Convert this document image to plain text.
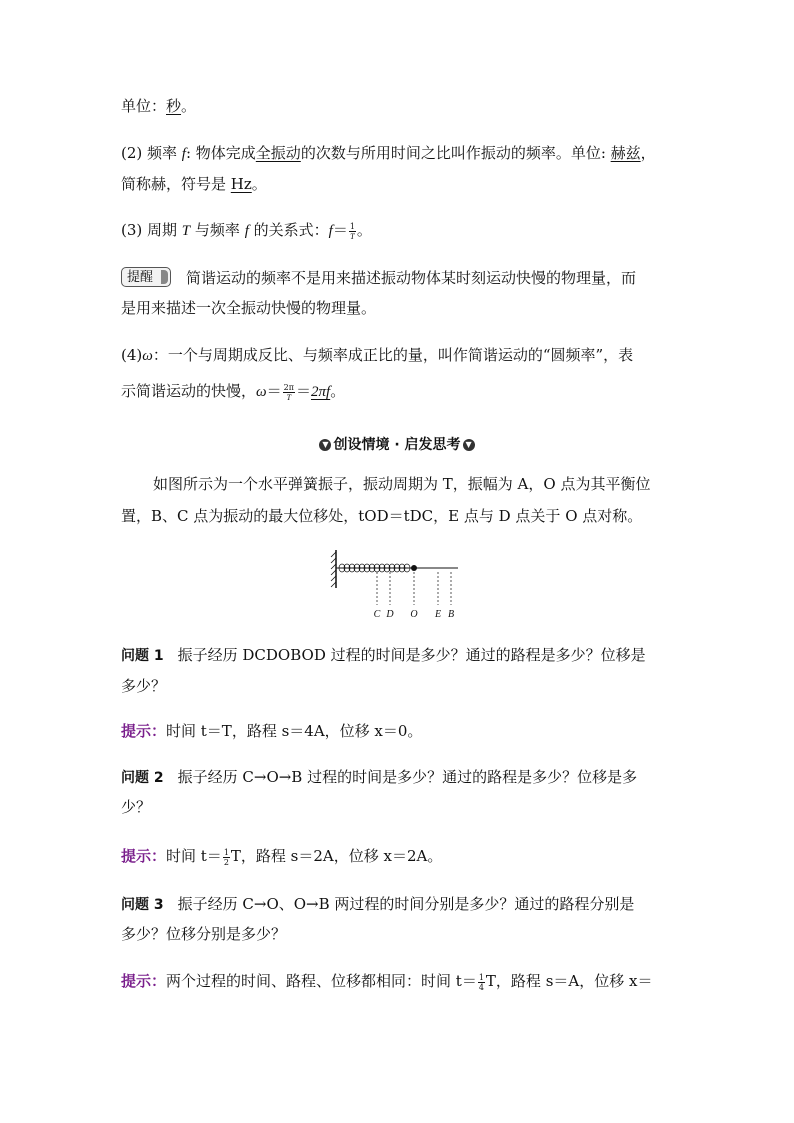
单位：秒。
(2) 频率 f: 物体完成全振动的次数与所用时间之比叫作振动的频率。单位: 赫兹，
简称赫，符号是 Hz。
(3) 周期 T 与频率 f 的关系式：$f= \frac{1}{T}$ 。
提醒	简谐运动的频率不是用来描述振动物体某时刻运动快慢的物理量，而
是用来描述一次全振动快慢的物理量。
(4)ω：一个与周期成反比、与频率成正比的量，叫作简谐运动的“圆频率”，表
示简谐运动的快慢，$\omega= \frac{2\pi}{T} =2\pi f$。
▼ 创设情境 · 启发思考 ▼
如图所示为一个水平弹簧振子，振动周期为 T，振幅为 A，O 点为其平衡位
置，B、C 点为振动的最大位移处，tOD＝tDC，E 点与 D 点关于 O 点对称。
C D O E B
问题 1 振子经历 DCDOBOD 过程的时间是多少？通过的路程是多少？位移是
多少？
提示：时间 t＝T，路程 s＝4A，位移 x＝0。
问题 2 振子经历 C→O→B 过程的时间是多少？通过的路程是多少？位移是多
少？
提示：时间 $t= \frac{1}{2}$ T，路程 s＝2A，位移 x＝2A。
问题 3 振子经历 C→O、O→B 两过程的时间分别是多少？通过的路程分别是
多少？位移分别是多少？
提示：两个过程的时间、路程、位移都相同：时间 $t= \frac{1}{4}$ T，路程 s＝A，位移 x＝
